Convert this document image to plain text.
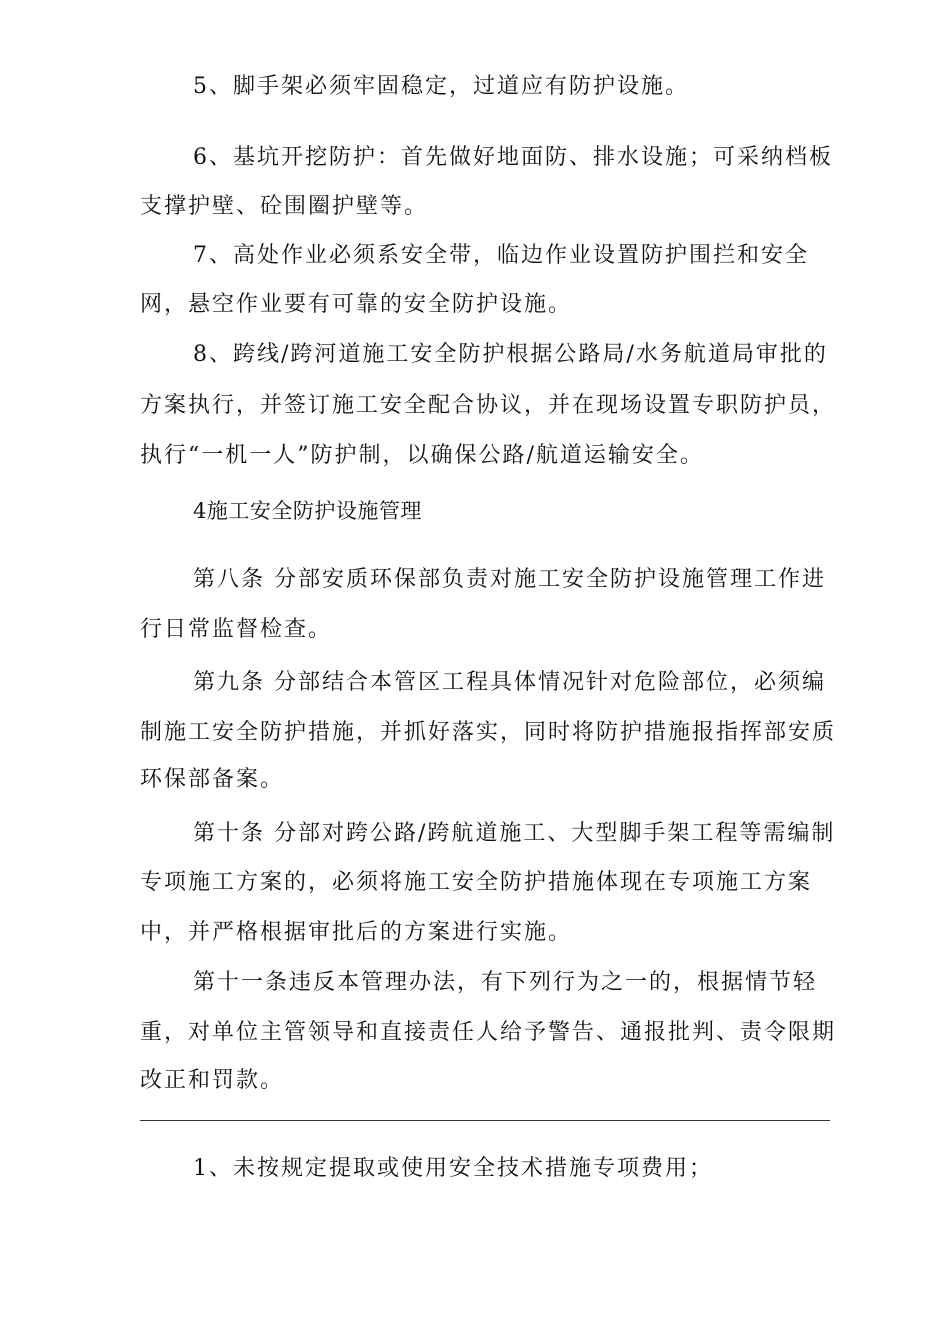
5、脚手架必须牢固稳定，过道应有防护设施。
6、基坑开挖防护：首先做好地面防、排水设施；可采纳档板
支撑护壁、砼围圈护壁等。
7、高处作业必须系安全带，临边作业设置防护围拦和安全
网，悬空作业要有可靠的安全防护设施。
8、跨线/跨河道施工安全防护根据公路局/水务航道局审批的
方案执行，并签订施工安全配合协议，并在现场设置专职防护员，
执行“一机一人”防护制，以确保公路/航道运输安全。
4施工安全防护设施管理
第八条 分部安质环保部负责对施工安全防护设施管理工作进
行日常监督检查。
第九条 分部结合本管区工程具体情况针对危险部位，必须编
制施工安全防护措施，并抓好落实，同时将防护措施报指挥部安质
环保部备案。
第十条 分部对跨公路/跨航道施工、大型脚手架工程等需编制
专项施工方案的，必须将施工安全防护措施体现在专项施工方案
中，并严格根据审批后的方案进行实施。
第十一条违反本管理办法，有下列行为之一的，根据情节轻
重，对单位主管领导和直接责任人给予警告、通报批判、责令限期
改正和罚款。
1、未按规定提取或使用安全技术措施专项费用；
